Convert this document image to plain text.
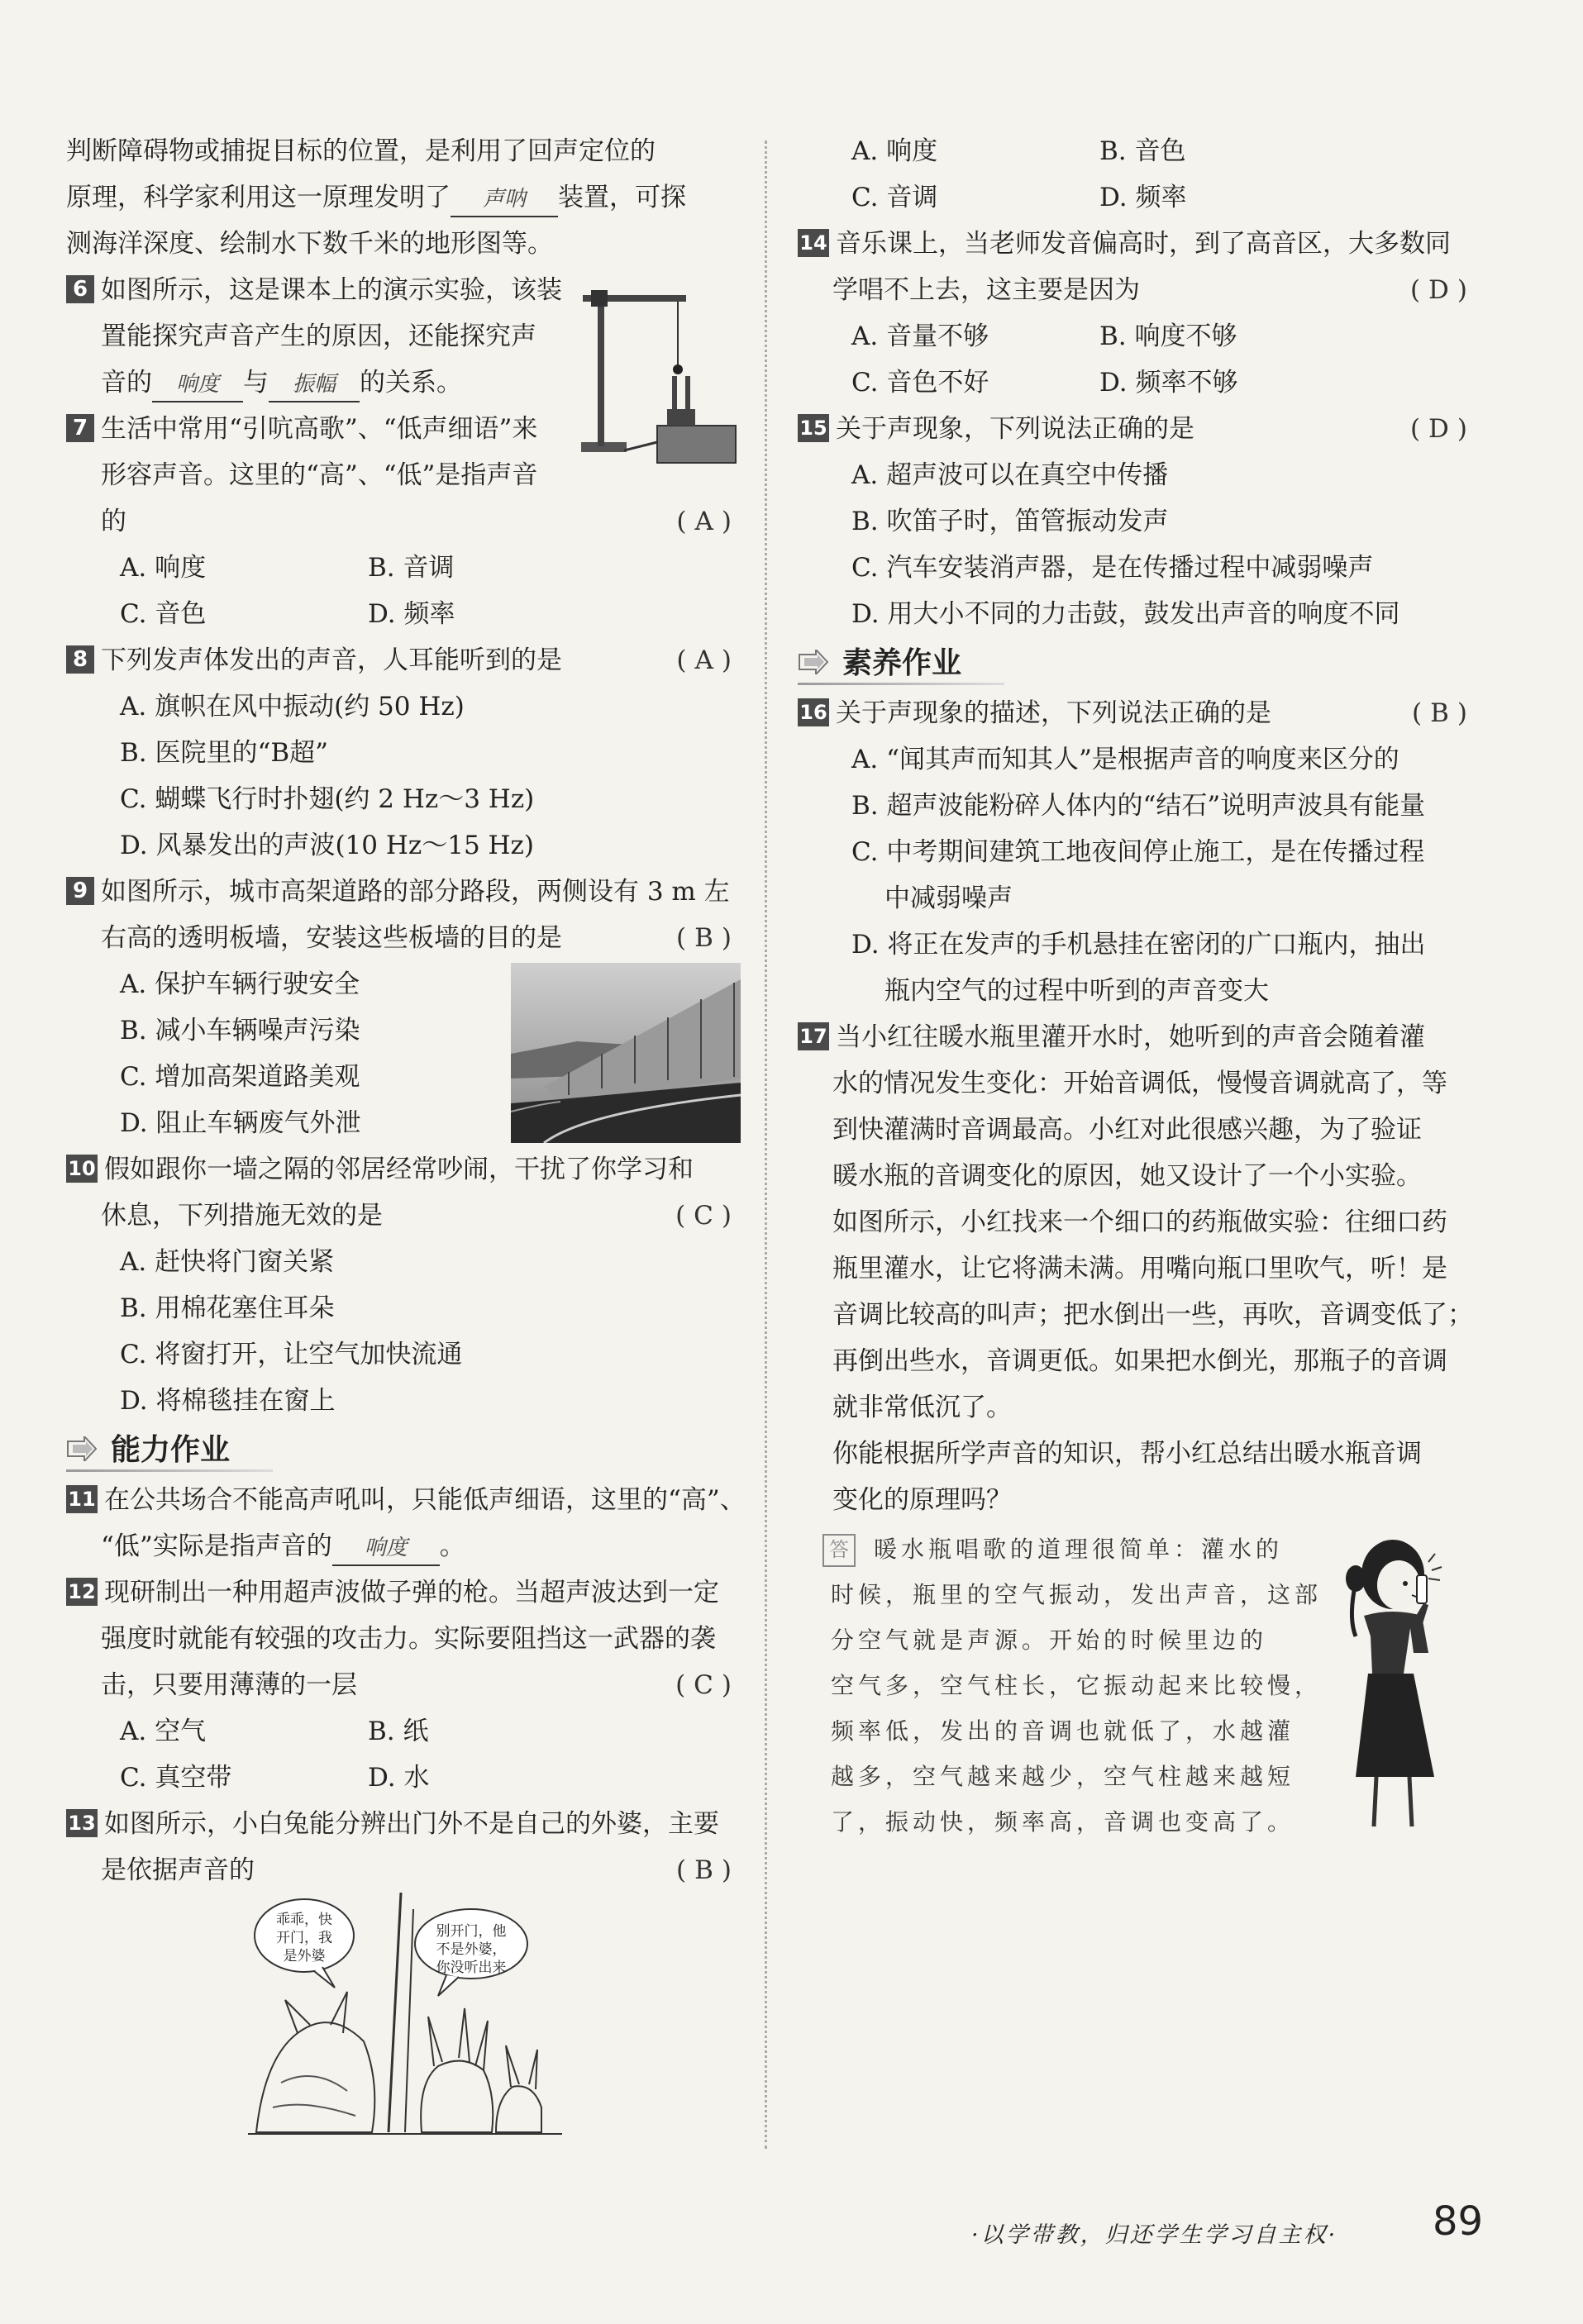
判断障碍物或捕捉目标的位置，是利用了回声定位的
原理，科学家利用这一原理发明了 声呐 装置，可探
测海洋深度、绘制水下数千米的地形图等。
6 如图所示，这是课本上的演示实验，该装
置能探究声音产生的原因，还能探究声
音的 响度 与 振幅 的关系。
7 生活中常用“引吭高歌”、“低声细语”来
形容声音。这里的“高”、“低”是指声音
的	(A)
A. 响度	B. 音调
C. 音色	D. 频率
8 下列发声体发出的声音，人耳能听到的是	(A)
A. 旗帜在风中振动(约 50 Hz)
B. 医院里的“B超”
C. 蝴蝶飞行时扑翅(约 2 Hz～3 Hz)
D. 风暴发出的声波(10 Hz～15 Hz)
9 如图所示，城市高架道路的部分路段，两侧设有 3 m 左
右高的透明板墙，安装这些板墙的目的是	(B)
A. 保护车辆行驶安全
B. 减小车辆噪声污染
C. 增加高架道路美观
D. 阻止车辆废气外泄
10 假如跟你一墙之隔的邻居经常吵闹，干扰了你学习和
休息，下列措施无效的是	(C)
A. 赶快将门窗关紧
B. 用棉花塞住耳朵
C. 将窗打开，让空气加快流通
D. 将棉毯挂在窗上
能力作业
11 在公共场合不能高声吼叫，只能低声细语，这里的“高”、
“低”实际是指声音的 响度 。
12 现研制出一种用超声波做子弹的枪。当超声波达到一定
强度时就能有较强的攻击力。实际要阻挡这一武器的袭
击，只要用薄薄的一层	(C)
A. 空气	B. 纸
C. 真空带	D. 水
13 如图所示，小白兔能分辨出门外不是自己的外婆，主要
是依据声音的	(B)
乖乖，快
开门，我
是外婆
别开门，他
不是外婆，
你没听出来
A. 响度	B. 音色
C. 音调	D. 频率
14 音乐课上，当老师发音偏高时，到了高音区，大多数同
学唱不上去，这主要是因为	(D)
A. 音量不够	B. 响度不够
C. 音色不好	D. 频率不够
15 关于声现象，下列说法正确的是	(D)
A. 超声波可以在真空中传播
B. 吹笛子时，笛管振动发声
C. 汽车安装消声器，是在传播过程中减弱噪声
D. 用大小不同的力击鼓，鼓发出声音的响度不同
素养作业
16 关于声现象的描述，下列说法正确的是	(B)
A. “闻其声而知其人”是根据声音的响度来区分的
B. 超声波能粉碎人体内的“结石”说明声波具有能量
C. 中考期间建筑工地夜间停止施工，是在传播过程
中减弱噪声
D. 将正在发声的手机悬挂在密闭的广口瓶内，抽出
瓶内空气的过程中听到的声音变大
17 当小红往暖水瓶里灌开水时，她听到的声音会随着灌
水的情况发生变化：开始音调低，慢慢音调就高了，等
到快灌满时音调最高。小红对此很感兴趣，为了验证
暖水瓶的音调变化的原因，她又设计了一个小实验。
如图所示，小红找来一个细口的药瓶做实验：往细口药
瓶里灌水，让它将满未满。用嘴向瓶口里吹气，听！是
音调比较高的叫声；把水倒出一些，再吹，音调变低了；
再倒出些水，音调更低。如果把水倒光，那瓶子的音调
就非常低沉了。
你能根据所学声音的知识，帮小红总结出暖水瓶音调
变化的原理吗？
答 暖水瓶唱歌的道理很简单：灌水的
时候，瓶里的空气振动，发出声音，这部
分空气就是声源。开始的时候里边的
空气多，空气柱长，它振动起来比较慢，
频率低，发出的音调也就低了，水越灌
越多，空气越来越少，空气柱越来越短
了，振动快，频率高，音调也变高了。
·以学带教，归还学生学习自主权· 89
